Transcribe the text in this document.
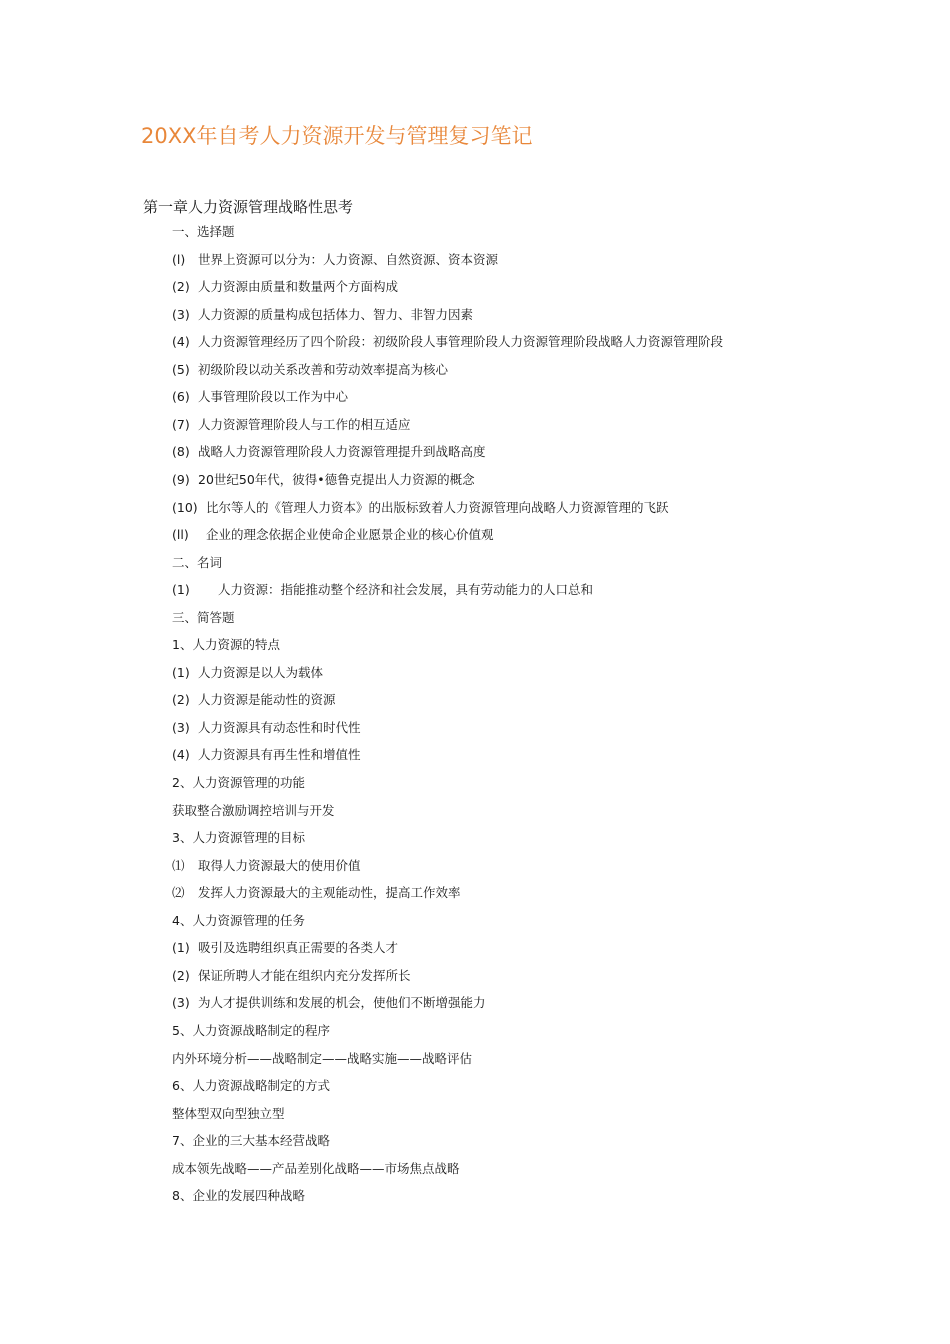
20XX年自考人力资源开发与管理复习笔记
第一章人力资源管理战略性思考
一、选择题
(l) 世界上资源可以分为：人力资源、自然资源、资本资源
(2) 人力资源由质量和数量两个方面构成
(3) 人力资源的质量构成包括体力、智力、非智力因素
(4) 人力资源管理经历了四个阶段：初级阶段人事管理阶段人力资源管理阶段战略人力资源管理阶段
(5) 初级阶段以动关系改善和劳动效率提高为核心
(6) 人事管理阶段以工作为中心
(7) 人力资源管理阶段人与工作的相互适应
(8) 战略人力资源管理阶段人力资源管理提升到战略高度
(9) 20世纪50年代，彼得•德鲁克提出人力资源的概念
(10) 比尔等人的《管理人力资本》的出版标致着人力资源管理向战略人力资源管理的飞跃
(ll) 企业的理念依据企业使命企业愿景企业的核心价值观
二、名词
(1) 人力资源：指能推动整个经济和社会发展，具有劳动能力的人口总和
三、简答题
1、人力资源的特点
(1) 人力资源是以人为载体
(2) 人力资源是能动性的资源
(3) 人力资源具有动态性和时代性
(4) 人力资源具有再生性和增值性
2、人力资源管理的功能
获取整合激励调控培训与开发
3、人力资源管理的目标
⑴ 取得人力资源最大的使用价值
⑵ 发挥人力资源最大的主观能动性，提高工作效率
4、人力资源管理的任务
(1) 吸引及选聘组织真正需要的各类人才
(2) 保证所聘人才能在组织内充分发挥所长
(3) 为人才提供训练和发展的机会，使他们不断增强能力
5、人力资源战略制定的程序
内外环境分析——战略制定——战略实施——战略评估
6、人力资源战略制定的方式
整体型双向型独立型
7、企业的三大基本经营战略
成本领先战略——产品差别化战略——市场焦点战略
8、企业的发展四种战略
